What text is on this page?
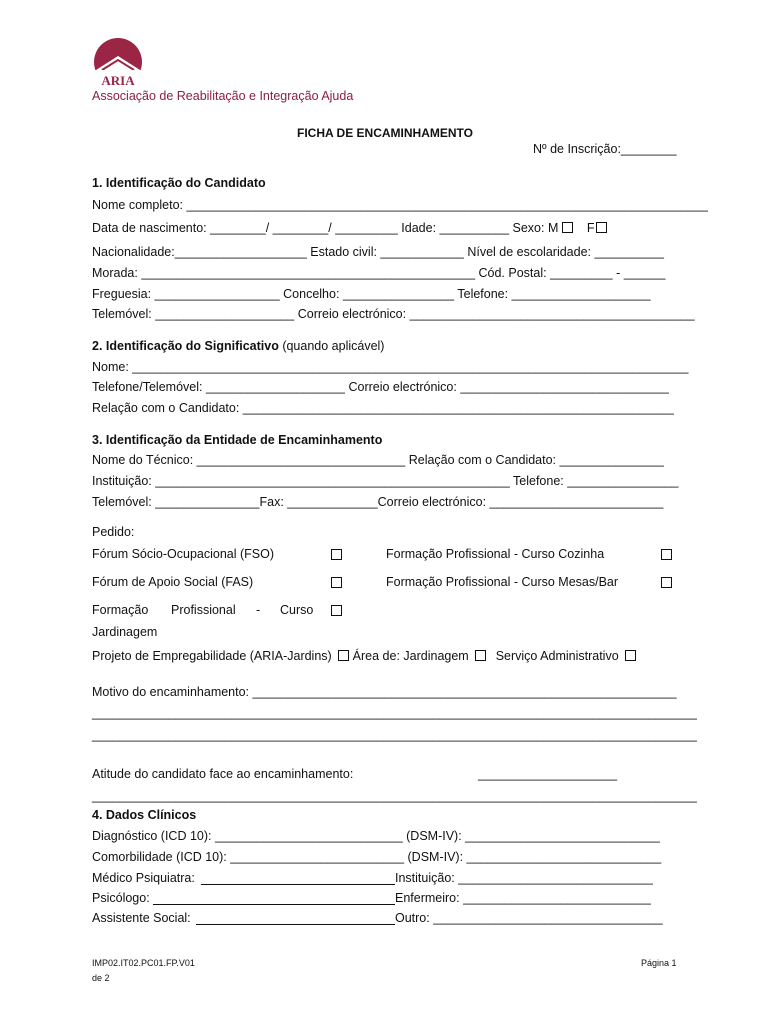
ARIA
Associação de Reabilitação e Integração Ajuda
FICHA DE ENCAMINHAMENTO
Nº de Inscrição:________
1. Identificação do Candidato
Nome completo: ___________________________________________________________________________
Data de nascimento: ________/ ________/ _________ Idade: __________ Sexo: M F
Nacionalidade:___________________ Estado civil: ____________ Nível de escolaridade: __________
Morada: ________________________________________________ Cód. Postal: _________ - ______
Freguesia: __________________ Concelho: ________________ Telefone: ____________________
Telemóvel: ____________________ Correio electrónico: _________________________________________
2. Identificação do Significativo (quando aplicável)
Nome: ________________________________________________________________________________
Telefone/Telemóvel: ____________________ Correio electrónico: ______________________________
Relação com o Candidato: ______________________________________________________________
3. Identificação da Entidade de Encaminhamento
Nome do Técnico: ______________________________ Relação com o Candidato: _______________
Instituição: ___________________________________________________ Telefone: ________________
Telemóvel: _______________Fax: _____________Correio electrónico: _________________________
Pedido:
Fórum Sócio-Ocupacional (FSO)	Formação Profissional - Curso Cozinha
Fórum de Apoio Social (FAS)	Formação Profissional - Curso Mesas/Bar
Formação Profissional - Curso
Jardinagem
Projeto de Empregabilidade (ARIA-Jardins) Área de: Jardinagem Serviço Administrativo
Motivo do encaminhamento: _____________________________________________________________
_______________________________________________________________________________________
_______________________________________________________________________________________
Atitude do candidato face ao encaminhamento:	____________________
_______________________________________________________________________________________
4. Dados Clínicos
Diagnóstico (ICD 10): ___________________________ (DSM-IV): ____________________________
Comorbilidade (ICD 10): _________________________ (DSM-IV): ____________________________
Médico Psiquiatra:	Instituição: ____________________________
Psicólogo:	Enfermeiro: ___________________________
Assistente Social:	Outro: _________________________________
IMP02.IT02.PC01.FP.V01
de 2
Página 1
